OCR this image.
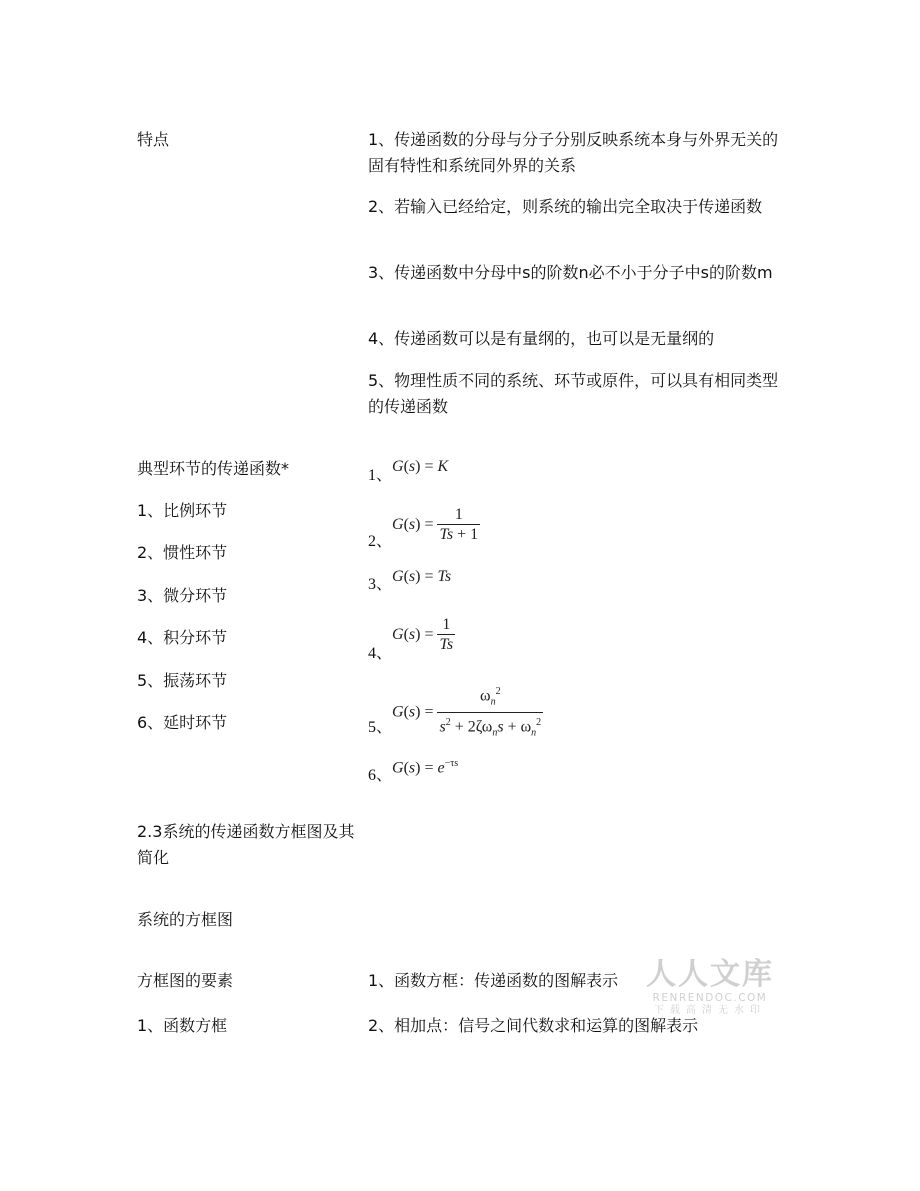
特点	1、传递函数的分母与分子分别反映系统本身与外界无关的固有特性和系统同外界的关系
2、若输入已经给定，则系统的输出完全取决于传递函数
3、传递函数中分母中s的阶数n必不小于分子中s的阶数m
4、传递函数可以是有量纲的，也可以是无量纲的
5、物理性质不同的系统、环节或原件，可以具有相同类型的传递函数
典型环节的传递函数*
1、比例环节
2、惯性环节
3、微分环节
4、积分环节
5、振荡环节
6、延时环节
1、
2、
3、
4、
5、
6、
G(s) = K
$G(s) = \frac{1}{Ts + 1}$
G(s) = Ts
$G(s) = \frac{1}{Ts}$
$G(s) = \frac{\omega_n^2}{s^2 + 2\zeta\omega_ns + \omega_n^2}$
$G(s) = e^{-\tau s}$
2.3系统的传递函数方框图及其简化
系统的方框图
方框图的要素
1、函数方框
1、函数方框：传递函数的图解表示
2、相加点：信号之间代数求和运算的图解表示
人人文库
RENRENDOC.COM
下载高清无水印
